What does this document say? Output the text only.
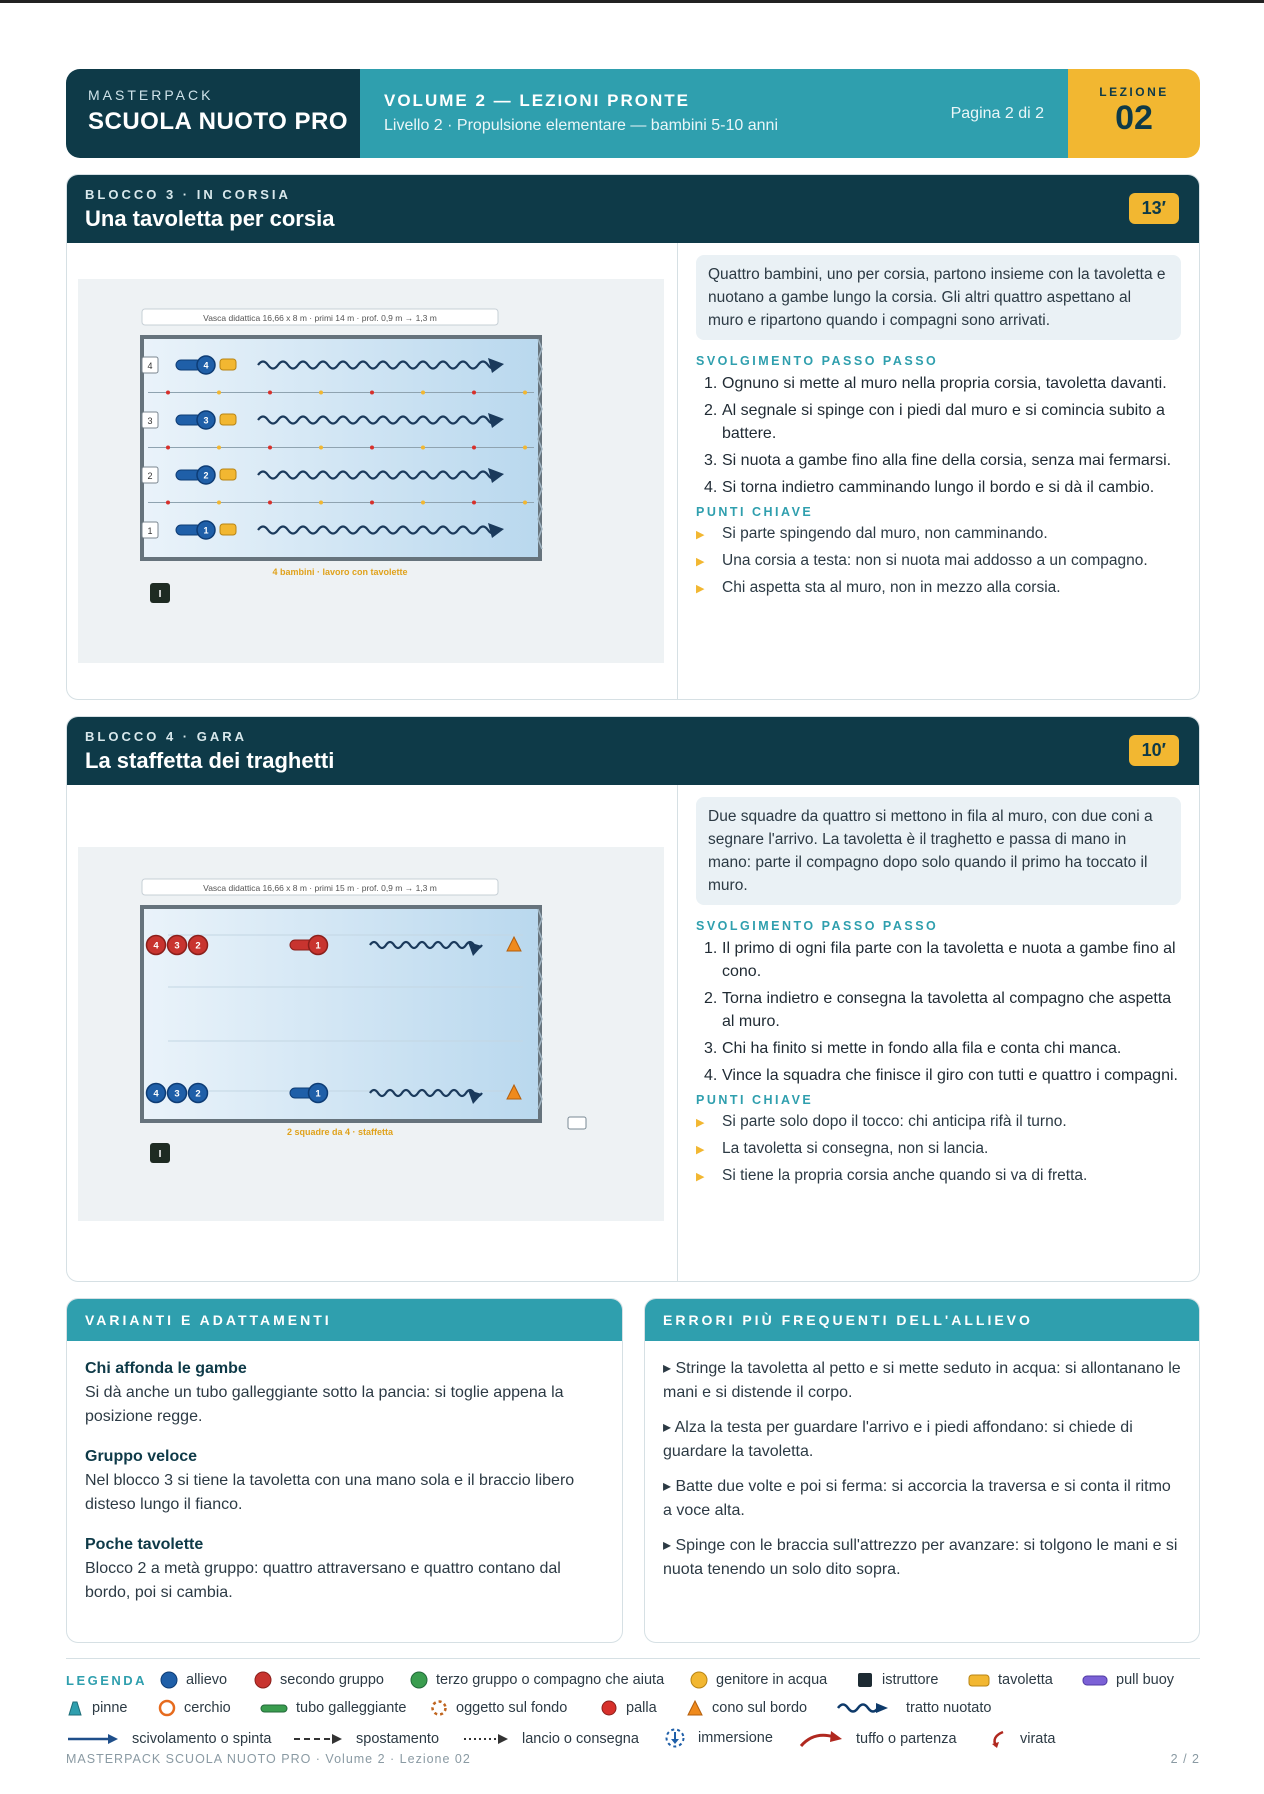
MASTERPACK
SCUOLA NUOTO PRO
VOLUME 2 — LEZIONI PRONTE
Livello 2 · Propulsione elementare — bambini 5-10 anni
Pagina 2 di 2
LEZIONE
02
BLOCCO 3 · IN CORSIA
Una tavoletta per corsia	13′
Vasca didattica 16,66 x 8 m · primi 14 m · prof. 0,9 m → 1,3 m
4	4
3	3
2	2
1	1
4 bambini · lavoro con tavolette
I
Quattro bambini, uno per corsia, partono insieme con la tavoletta e nuotano a gambe lungo la corsia. Gli altri quattro aspettano al muro e ripartono quando i compagni sono arrivati.
SVOLGIMENTO PASSO PASSO
1. Ognuno si mette al muro nella propria corsia, tavoletta davanti.
2. Al segnale si spinge con i piedi dal muro e si comincia subito a battere.
3. Si nuota a gambe fino alla fine della corsia, senza mai fermarsi.
4. Si torna indietro camminando lungo il bordo e si dà il cambio.
PUNTI CHIAVE
▶	Si parte spingendo dal muro, non camminando.
▶	Una corsia a testa: non si nuota mai addosso a un compagno.
▶	Chi aspetta sta al muro, non in mezzo alla corsia.
BLOCCO 4 · GARA
La staffetta dei traghetti	10′
Vasca didattica 16,66 x 8 m · primi 15 m · prof. 0,9 m → 1,3 m
4 3 2	1
4 3 2	1
2 squadre da 4 · staffetta
I
Due squadre da quattro si mettono in fila al muro, con due coni a segnare l'arrivo. La tavoletta è il traghetto e passa di mano in mano: parte il compagno dopo solo quando il primo ha toccato il muro.
SVOLGIMENTO PASSO PASSO
1. Il primo di ogni fila parte con la tavoletta e nuota a gambe fino al cono.
2. Torna indietro e consegna la tavoletta al compagno che aspetta al muro.
3. Chi ha finito si mette in fondo alla fila e conta chi manca.
4. Vince la squadra che finisce il giro con tutti e quattro i compagni.
PUNTI CHIAVE
▶	Si parte solo dopo il tocco: chi anticipa rifà il turno.
▶	La tavoletta si consegna, non si lancia.
▶	Si tiene la propria corsia anche quando si va di fretta.
VARIANTI E ADATTAMENTI
Chi affonda le gambe
Si dà anche un tubo galleggiante sotto la pancia: si toglie appena la posizione regge.
Gruppo veloce
Nel blocco 3 si tiene la tavoletta con una mano sola e il braccio libero disteso lungo il fianco.
Poche tavolette
Blocco 2 a metà gruppo: quattro attraversano e quattro contano dal bordo, poi si cambia.
ERRORI PIÙ FREQUENTI DELL'ALLIEVO
▸ Stringe la tavoletta al petto e si mette seduto in acqua: si allontanano le mani e si distende il corpo.
▸ Alza la testa per guardare l'arrivo e i piedi affondano: si chiede di guardare la tavoletta.
▸ Batte due volte e poi si ferma: si accorcia la traversa e si conta il ritmo a voce alta.
▸ Spinge con le braccia sull'attrezzo per avanzare: si tolgono le mani e si nuota tenendo un solo dito sopra.
LEGENDA	allievo	secondo gruppo	terzo gruppo o compagno che aiuta	genitore in acqua	istruttore	tavoletta	pull buoy
pinne	cerchio	tubo galleggiante	oggetto sul fondo	palla	cono sul bordo	tratto nuotato
scivolamento o spinta	spostamento	lancio o consegna	immersione	tuffo o partenza	virata
MASTERPACK SCUOLA NUOTO PRO · Volume 2 · Lezione 02	2 / 2
